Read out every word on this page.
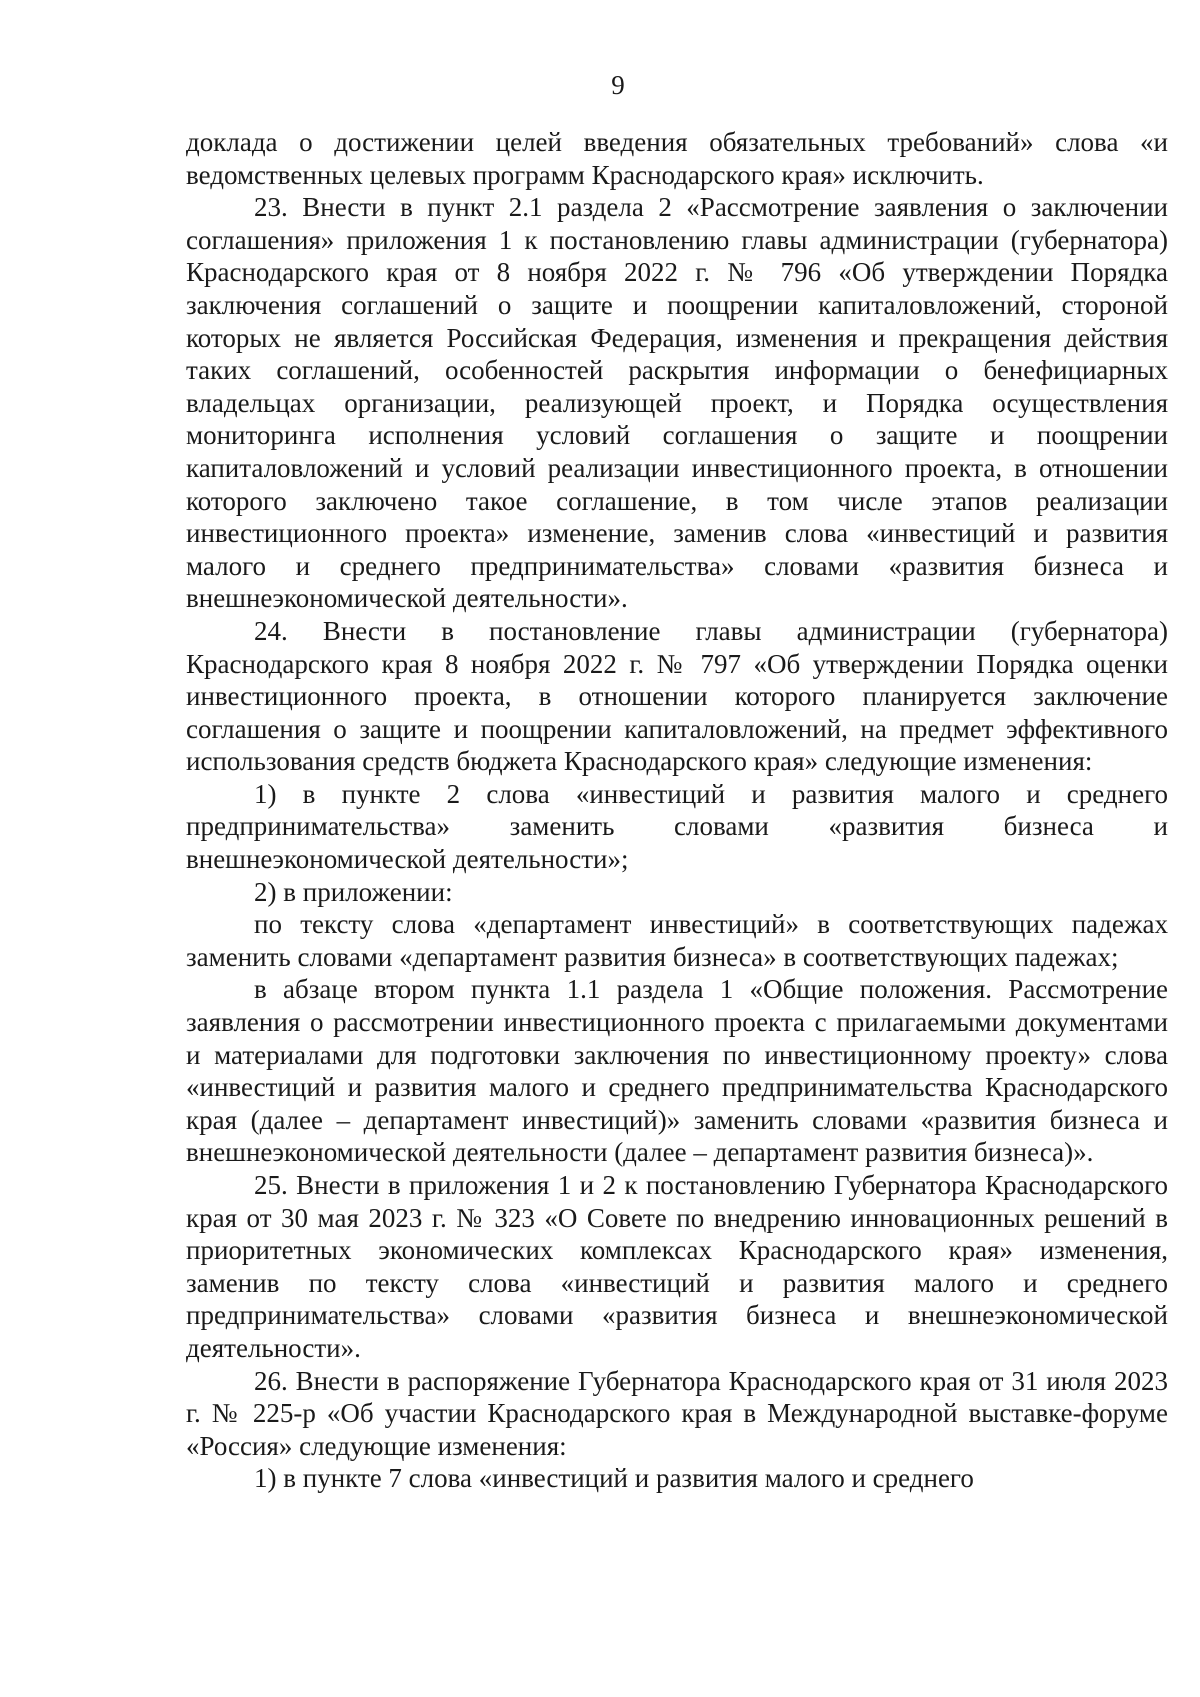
9

доклада о достижении целей введения обязательных требований» слова «и ведомственных целевых программ Краснодарского края» исключить.

23. Внести в пункт 2.1 раздела 2 «Рассмотрение заявления о заключении соглашения» приложения 1 к постановлению главы администрации (губернатора) Краснодарского края от 8 ноября 2022 г. № 796 «Об утверждении Порядка заключения соглашений о защите и поощрении капиталовложений, стороной которых не является Российская Федерация, изменения и прекращения действия таких соглашений, особенностей раскрытия информации о бенефициарных владельцах организации, реализующей проект, и Порядка осуществления мониторинга исполнения условий соглашения о защите и поощрении капиталовложений и условий реализации инвестиционного проекта, в отношении которого заключено такое соглашение, в том числе этапов реализации инвестиционного проекта» изменение, заменив слова «инвестиций и развития малого и среднего предпринимательства» словами «развития бизнеса и внешнеэкономической деятельности».

24. Внести в постановление главы администрации (губернатора) Краснодарского края 8 ноября 2022 г. № 797 «Об утверждении Порядка оценки инвестиционного проекта, в отношении которого планируется заключение соглашения о защите и поощрении капиталовложений, на предмет эффективного использования средств бюджета Краснодарского края» следующие изменения:

1) в пункте 2 слова «инвестиций и развития малого и среднего предпринимательства» заменить словами «развития бизнеса и внешнеэкономической деятельности»;

2) в приложении:

по тексту слова «департамент инвестиций» в соответствующих падежах заменить словами «департамент развития бизнеса» в соответствующих падежах;

в абзаце втором пункта 1.1 раздела 1 «Общие положения. Рассмотрение заявления о рассмотрении инвестиционного проекта с прилагаемыми документами и материалами для подготовки заключения по инвестиционному проекту» слова «инвестиций и развития малого и среднего предпринимательства Краснодарского края (далее – департамент инвестиций)» заменить словами «развития бизнеса и внешнеэкономической деятельности (далее – департамент развития бизнеса)».

25. Внести в приложения 1 и 2 к постановлению Губернатора Краснодарского края от 30 мая 2023 г. № 323 «О Совете по внедрению инновационных решений в приоритетных экономических комплексах Краснодарского края» изменения, заменив по тексту слова «инвестиций и развития малого и среднего предпринимательства» словами «развития бизнеса и внешнеэкономической деятельности».

26. Внести в распоряжение Губернатора Краснодарского края от 31 июля 2023 г. № 225-р «Об участии Краснодарского края в Международной выставке-форуме «Россия» следующие изменения:

1) в пункте 7 слова «инвестиций и развития малого и среднего
